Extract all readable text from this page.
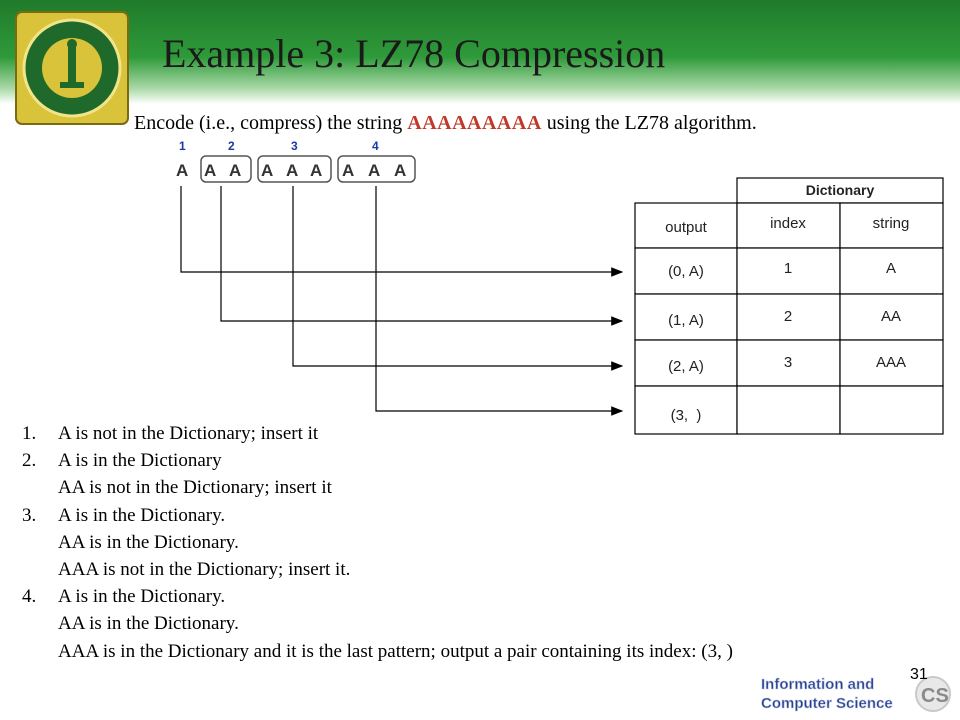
Example 3: LZ78 Compression
Encode (i.e., compress) the string AAAAAAAAA using the LZ78 algorithm.
1	2	3	4
A A A A A A A A A
Dictionary
output	index	string
(0, A)	1	A
(1, A)	2	AA
(2, A)	3	AAA
(3,  )
1.	A is not in the Dictionary; insert it
2.	A is in the Dictionary
AA is not in the Dictionary; insert it
3.	A is in the Dictionary.
AA is in the Dictionary.
AAA is not in the Dictionary; insert it.
4.	A is in the Dictionary.
AA is in the Dictionary.
AAA is in the Dictionary and it is the last pattern; output a pair containing its index: (3, )
Information and
Computer Science CS
31
